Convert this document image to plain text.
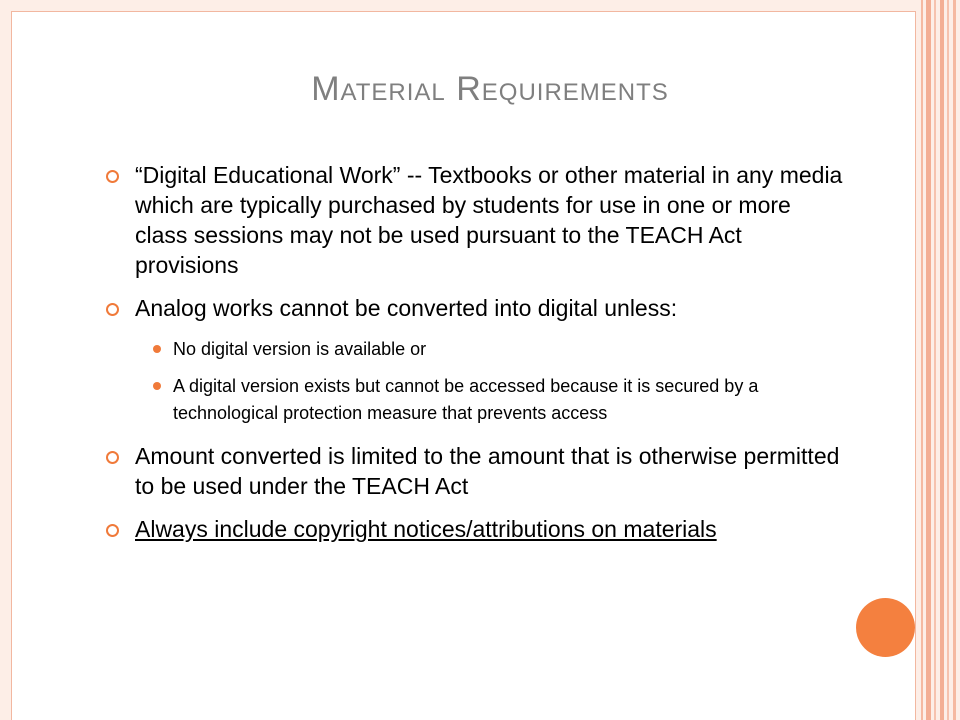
Material Requirements
“Digital Educational Work” -- Textbooks or other material in any media which are typically purchased by students for use in one or more class sessions may not be used pursuant to the TEACH Act provisions
Analog works cannot be converted into digital unless:
No digital version is available or
A digital version exists but cannot be accessed because it is secured by a technological protection measure that prevents access
Amount converted is limited to the amount that is otherwise permitted to be used under the TEACH Act
Always include copyright notices/attributions on materials
